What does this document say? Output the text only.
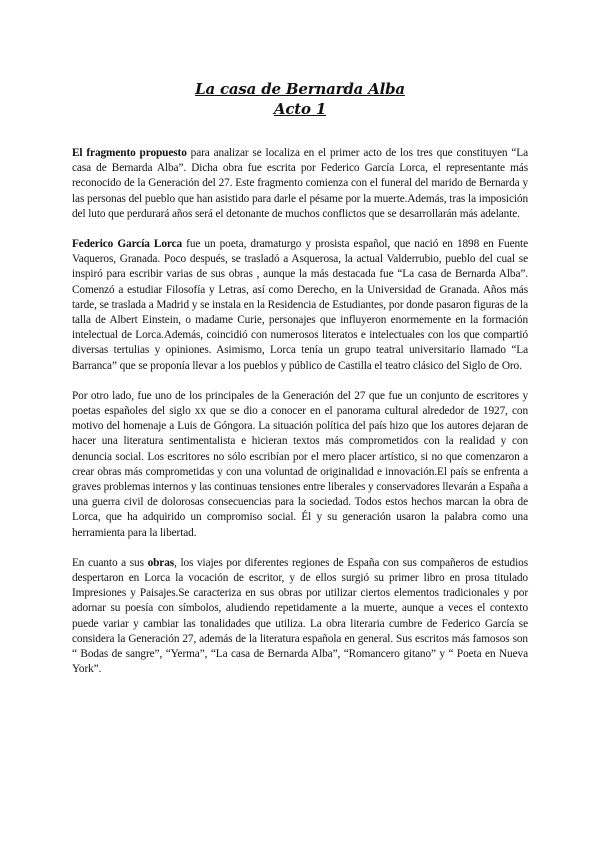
La casa de Bernarda Alba
Acto 1

El fragmento propuesto para analizar se localiza en el primer acto de los tres que constituyen “La casa de Bernarda Alba”. Dicha obra fue escrita por Federico García Lorca, el representante más reconocido de la Generación del 27. Este fragmento comienza con el funeral del marido de Bernarda y las personas del pueblo que han asistido para darle el pésame por la muerte.Además, tras la imposición del luto que perdurará años será el detonante de muchos conflictos que se desarrollarán más adelante.

Federico García Lorca fue un poeta, dramaturgo y prosista español, que nació en 1898 en Fuente Vaqueros, Granada. Poco después, se trasladó a Asquerosa, la actual Valderrubio, pueblo del cual se inspiró para escribir varias de sus obras , aunque la más destacada fue “La casa de Bernarda Alba”. Comenzó a estudiar Filosofía y Letras, así como Derecho, en la Universidad de Granada. Años más tarde, se traslada a Madrid y se instala en la Residencia de Estudiantes, por donde pasaron figuras de la talla de Albert Einstein, o madame Curie, personajes que influyeron enormemente en la formación intelectual de Lorca.Además, coincidió con numerosos literatos e intelectuales con los que compartió diversas tertulias y opiniones. Asimismo, Lorca tenía un grupo teatral universitario llamado “La Barranca” que se proponía llevar a los pueblos y público de Castilla el teatro clásico del Siglo de Oro.

Por otro lado, fue uno de los principales de la Generación del 27 que fue un conjunto de escritores y poetas españoles del siglo xx que se dio a conocer en el panorama cultural alrededor de 1927, con motivo del homenaje a Luis de Góngora. La situación política del país hizo que los autores dejaran de hacer una literatura sentimentalista e hicieran textos más comprometidos con la realidad y con denuncia social. Los escritores no sólo escribían por el mero placer artístico, si no que comenzaron a crear obras más comprometidas y con una voluntad de originalidad e innovación.El país se enfrenta a graves problemas internos y las continuas tensiones entre liberales y conservadores llevarán a España a una guerra civil de dolorosas consecuencias para la sociedad. Todos estos hechos marcan la obra de Lorca, que ha adquirido un compromiso social. Él y su generación usaron la palabra como una herramienta para la libertad.

En cuanto a sus obras, los viajes por diferentes regiones de España con sus compañeros de estudios despertaron en Lorca la vocación de escritor, y de ellos surgió su primer libro en prosa titulado Impresiones y Paisajes.Se caracteriza en sus obras por utilizar ciertos elementos tradicionales y por adornar su poesía con símbolos, aludiendo repetidamente a la muerte, aunque a veces el contexto puede variar y cambiar las tonalidades que utiliza. La obra literaria cumbre de Federico García se considera la Generación 27, además de la literatura española en general. Sus escritos más famosos son “ Bodas de sangre”, “Yerma”, “La casa de Bernarda Alba”, “Romancero gitano” y “ Poeta en Nueva York”.
